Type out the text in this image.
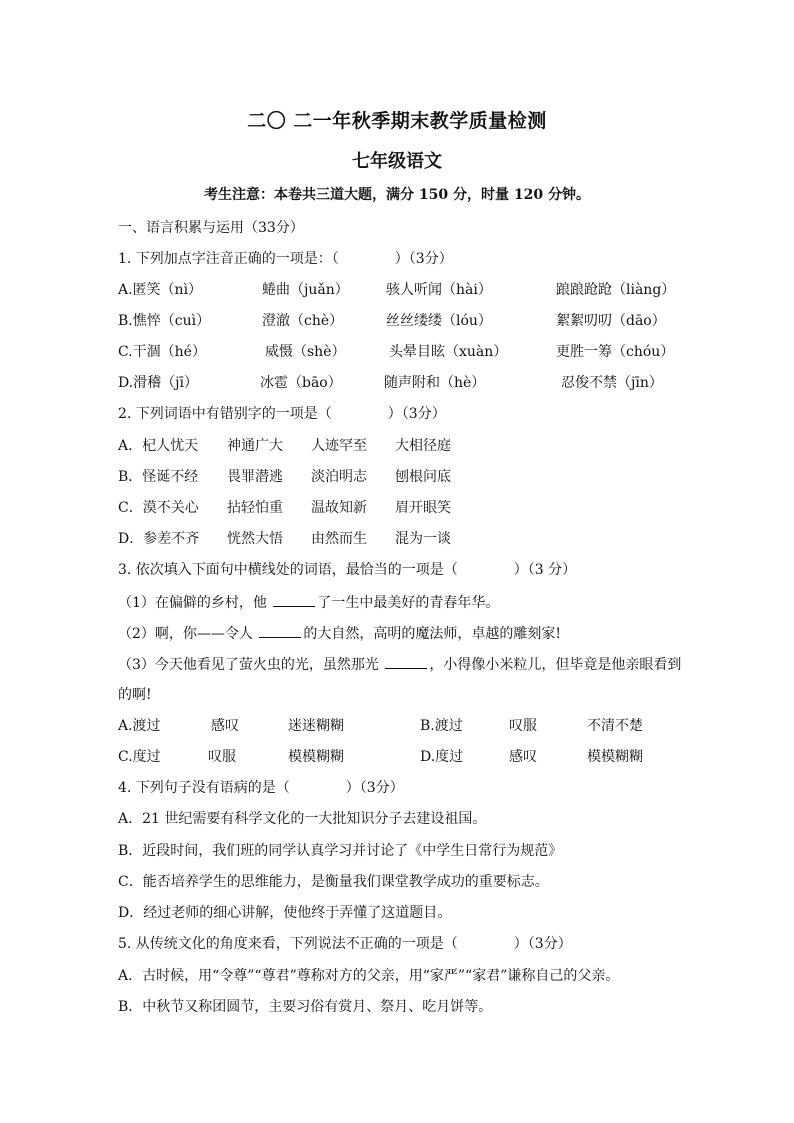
二〇 二一年秋季期末教学质量检测
七年级语文
考生注意：本卷共三道大题，满分 150 分，时量 120 分钟。
一、语言积累与运用（33分）
1. 下列加点字注音正确的一项是：（　　　　）（3分）
A.匿笑（nì）	蜷曲（juǎn）	骇人听闻（hài）	踉踉跄跄（liàng）
B.憔悴（cuì）	澄澈（chè）	丝丝缕缕（lóu）	絮絮叨叨（dāo）
C.干涸（hé）	威慑（shè）	头晕目眩（xuàn）	更胜一筹（chóu）
D.滑稽（jī）	冰雹（bāo）	随声附和（hè）	忍俊不禁（jīn）
2. 下列词语中有错别字的一项是（　　　　）（3分）
A．杞人忧天 神通广大 人迹罕至 大相径庭
B．怪诞不经 畏罪潜逃 淡泊明志 刨根问底
C．漠不关心 拈轻怕重 温故知新 眉开眼笑
D．参差不齐 恍然大悟 由然而生 混为一谈
3. 依次填入下面句中横线处的词语，最恰当的一项是（　　　　）（3 分）
（1）在偏僻的乡村，他	了一生中最美好的青春年华。
（2）啊，你——令人	的大自然，高明的魔法师，卓越的雕刻家!
（3）今天他看见了萤火虫的光，虽然那光	，小得像小米粒儿，但毕竟是他亲眼看到
的啊!
A.渡过	感叹	迷迷糊糊	B.渡过	叹服	不清不楚
C.度过	叹服	模模糊糊	D.度过	感叹	模模糊糊
4. 下列句子没有语病的是（　　　　）（3分）
A．21 世纪需要有科学文化的一大批知识分子去建设祖国。
B．近段时间，我们班的同学认真学习并讨论了《中学生日常行为规范》
C．能否培养学生的思维能力，是衡量我们课堂教学成功的重要标志。
D．经过老师的细心讲解，使他终于弄懂了这道题目。
5. 从传统文化的角度来看，下列说法不正确的一项是（　　　　）（3分）
A．古时候，用“令尊”“尊君”尊称对方的父亲，用“家严”“家君”谦称自己的父亲。
B．中秋节又称团圆节，主要习俗有赏月、祭月、吃月饼等。
